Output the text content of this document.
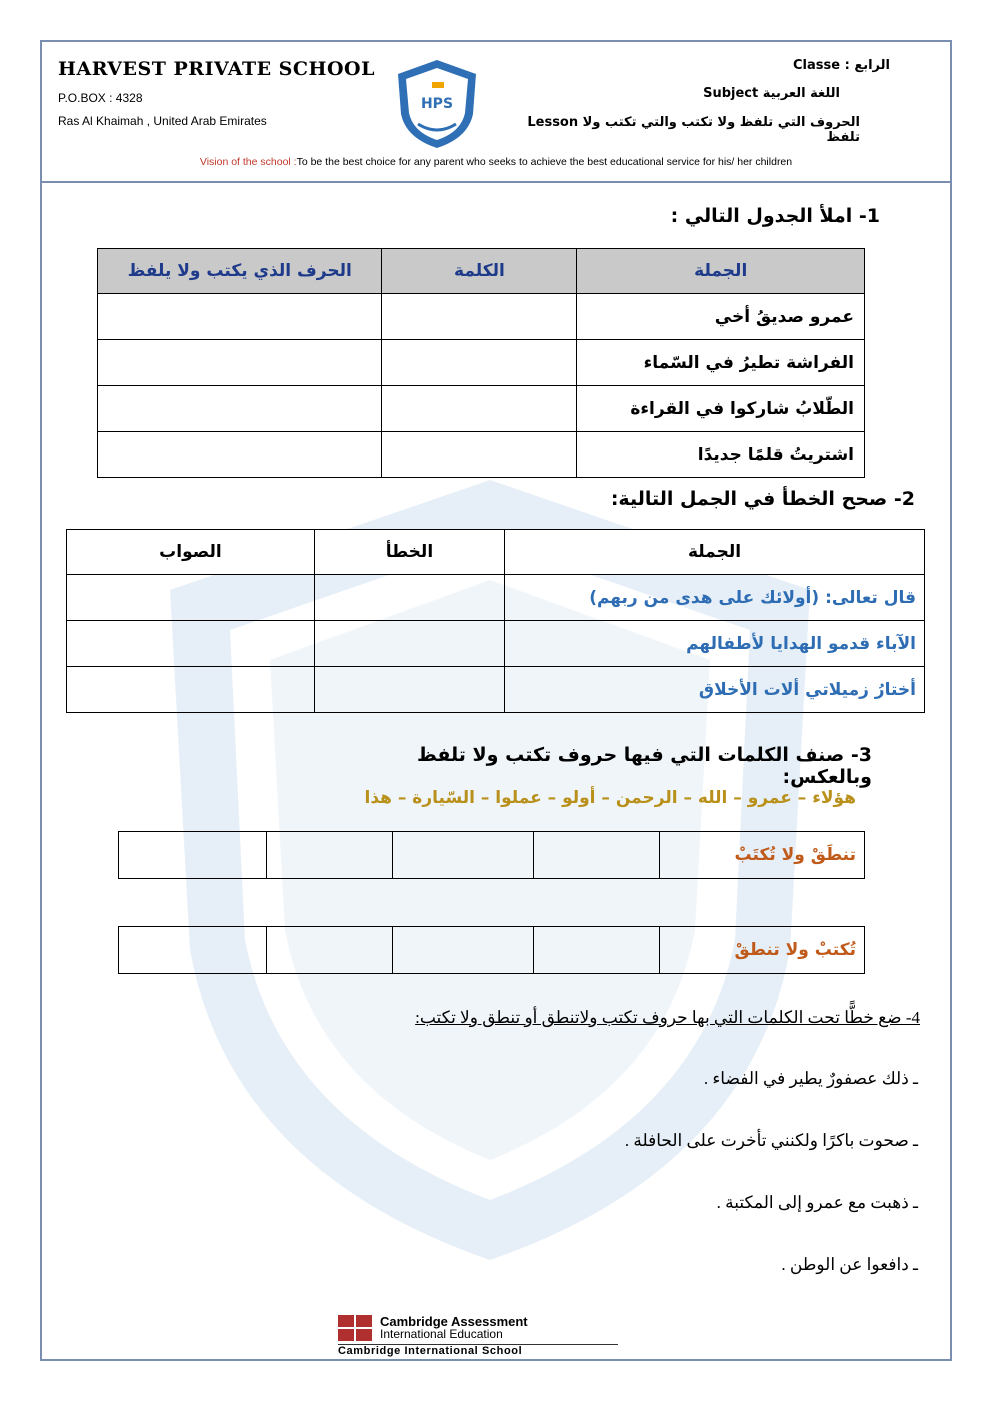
HARVEST PRIVATE SCHOOL
P.O.BOX : 4328
Ras Al Khaimah , United Arab Emirates
HPS
Classe : الرابع
Subject اللغة العربية
Lesson الحروف التي تلفظ ولا تكتب والتي تكتب ولا تلفظ
Vision of the school :To be the best choice for any parent who seeks to achieve the best educational service for his/ her children
1- املأ الجدول التالي :
الحرف الذي يكتب ولا يلفظ	الكلمة	الجملة
		عمرو صديقُ أخي
		الفراشة تطيرُ في السّماء
		الطّلابُ شاركوا في القراءة
		اشتريتُ قلمًا جديدًا
2- صحح الخطأ في الجمل التالية:
الصواب	الخطأ	الجملة
		قال تعالى: (أولائك على هدى من ربهم)
		الآباء قدمو الهدايا لأطفالهم
		أختارُ زميلاتي ألات الأخلاق
3- صنف الكلمات التي فيها حروف تكتب ولا تلفظ وبالعكس:
هؤلاء – عمرو – الله – الرحمن – أولو – عملوا – السّيارة – هذا
				تنطَقْ ولا تُكتَبْ
				تُكتبْ ولا تنطقْ
4- ضع خطًّا تحت الكلمات التي بها حروف تكتب ولاتنطق أو تنطق ولا تكتب:
ـ ذلك عصفورٌ يطير في الفضاء .
ـ صحوت باكرًا ولكنني تأخرت على الحافلة .
ـ ذهبت مع عمرو إلى المكتبة .
ـ دافعوا عن الوطن .
Cambridge Assessment
International Education
Cambridge International School
